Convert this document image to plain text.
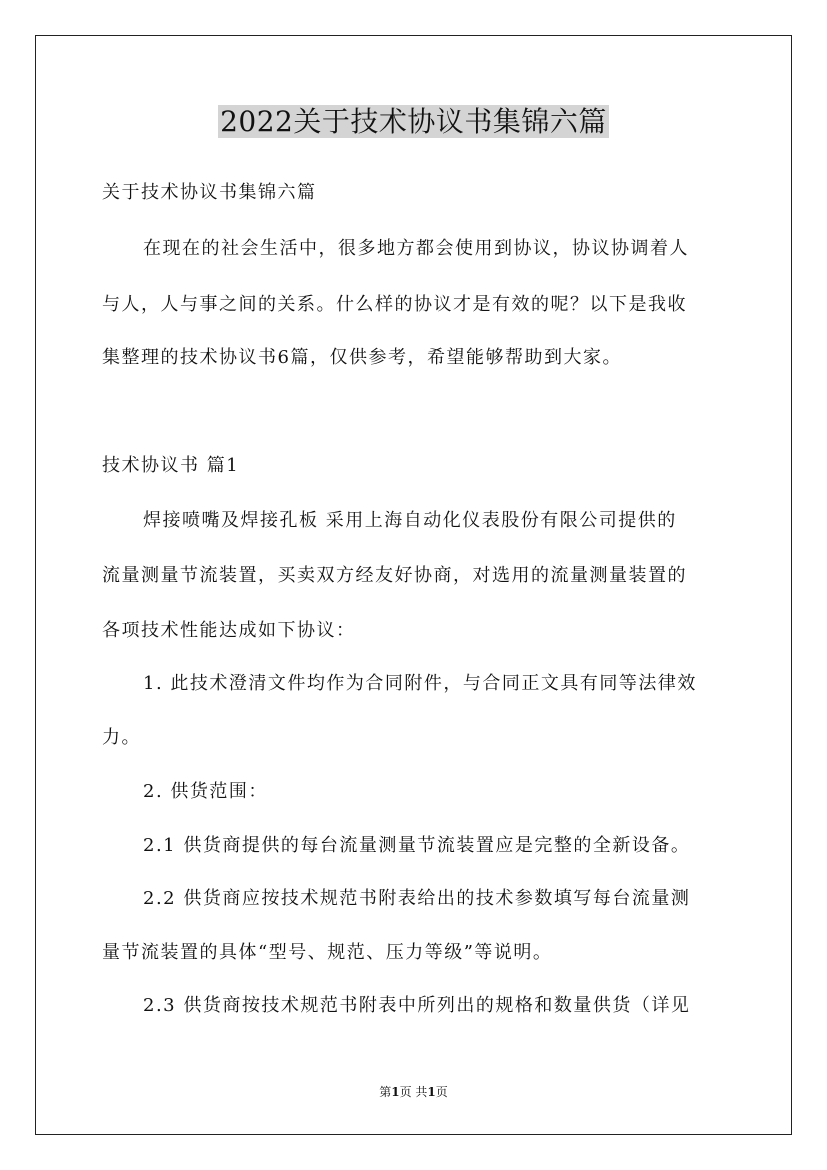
2022关于技术协议书集锦六篇
关于技术协议书集锦六篇
在现在的社会生活中，很多地方都会使用到协议，协议协调着人
与人，人与事之间的关系。什么样的协议才是有效的呢？以下是我收
集整理的技术协议书6篇，仅供参考，希望能够帮助到大家。
技术协议书 篇1
焊接喷嘴及焊接孔板 采用上海自动化仪表股份有限公司提供的
流量测量节流装置，买卖双方经友好协商，对选用的流量测量装置的
各项技术性能达成如下协议：
1. 此技术澄清文件均作为合同附件，与合同正文具有同等法律效
力。
2. 供货范围：
2.1 供货商提供的每台流量测量节流装置应是完整的全新设备。
2.2 供货商应按技术规范书附表给出的技术参数填写每台流量测
量节流装置的具体“型号、规范、压力等级”等说明。
2.3 供货商按技术规范书附表中所列出的规格和数量供货（详见
第1页 共1页
